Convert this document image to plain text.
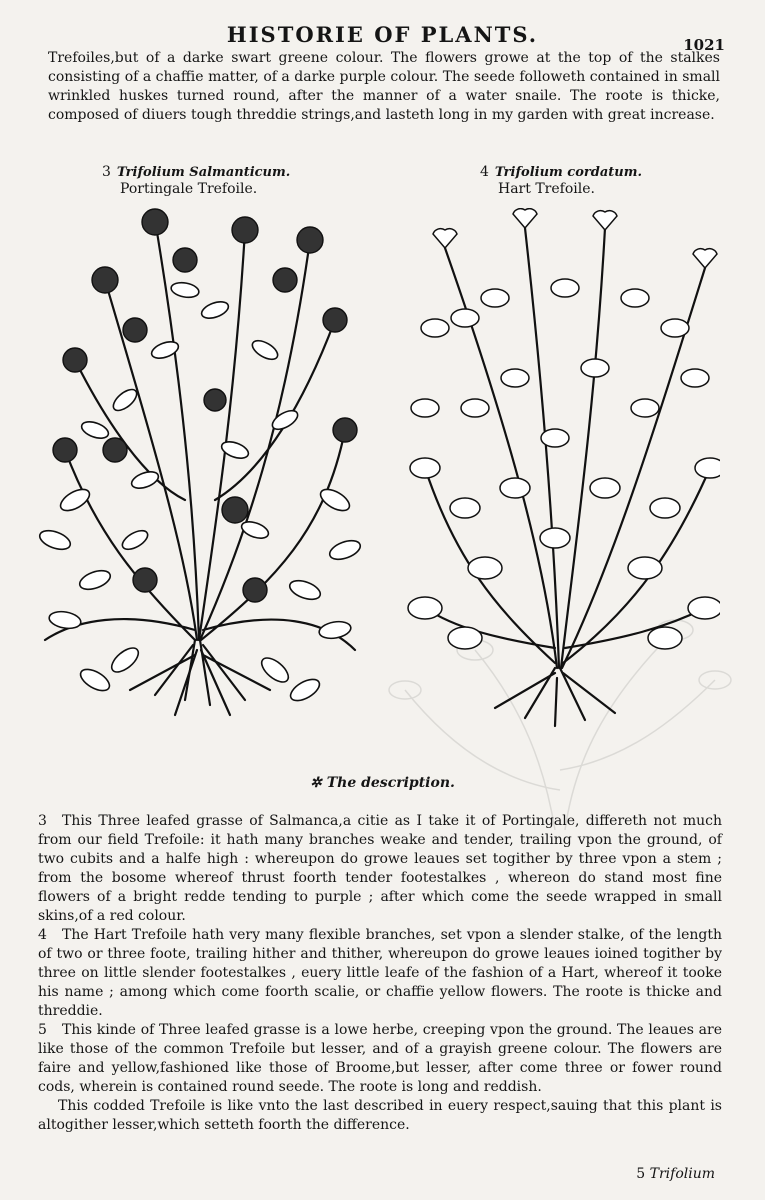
HISTORIE OF PLANTS.	1021
Trefoiles,but of a darke swart greene colour. The flowers growe at the top of the stalkes consisting of a chaffie matter, of a darke purple colour. The seede followeth contained in small wrinkled huskes turned round, after the manner of a water snaile. The roote is thicke, composed of diuers tough threddie strings,and lasteth long in my garden with great increase.
3 Trifolium Salmanticum.
Portingale Trefoile.
4 Trifolium cordatum.
Hart Trefoile.
✲ The description.

3 This Three leafed grasse of Salmanca,a citie as I take it of Portingale, differeth not much from our field Trefoile: it hath many branches weake and tender, trailing vpon the ground, of two cubits and a halfe high : whereupon do growe leaues set togither by three vpon a stem ; from the bosome whereof thrust foorth tender footestalkes , whereon do stand most fine flowers of a bright redde tending to purple ; after which come the seede wrapped in small skins,of a red colour.

4 The Hart Trefoile hath very many flexible branches, set vpon a slender stalke, of the length of two or three foote, trailing hither and thither, whereupon do growe leaues ioined togither by three on little slender footestalkes , euery little leafe of the fashion of a Hart, whereof it tooke his name ; among which come foorth scalie, or chaffie yellow flowers. The roote is thicke and threddie.

5 This kinde of Three leafed grasse is a lowe herbe, creeping vpon the ground. The leaues are like those of the common Trefoile but lesser, and of a grayish greene colour. The flowers are faire and yellow,fashioned like those of Broome,but lesser, after come three or fower round cods, wherein is contained round seede. The roote is long and reddish.

This codded Trefoile is like vnto the last described in euery respect,sauing that this plant is altogither lesser,which setteth foorth the difference.

5 Trifolium
